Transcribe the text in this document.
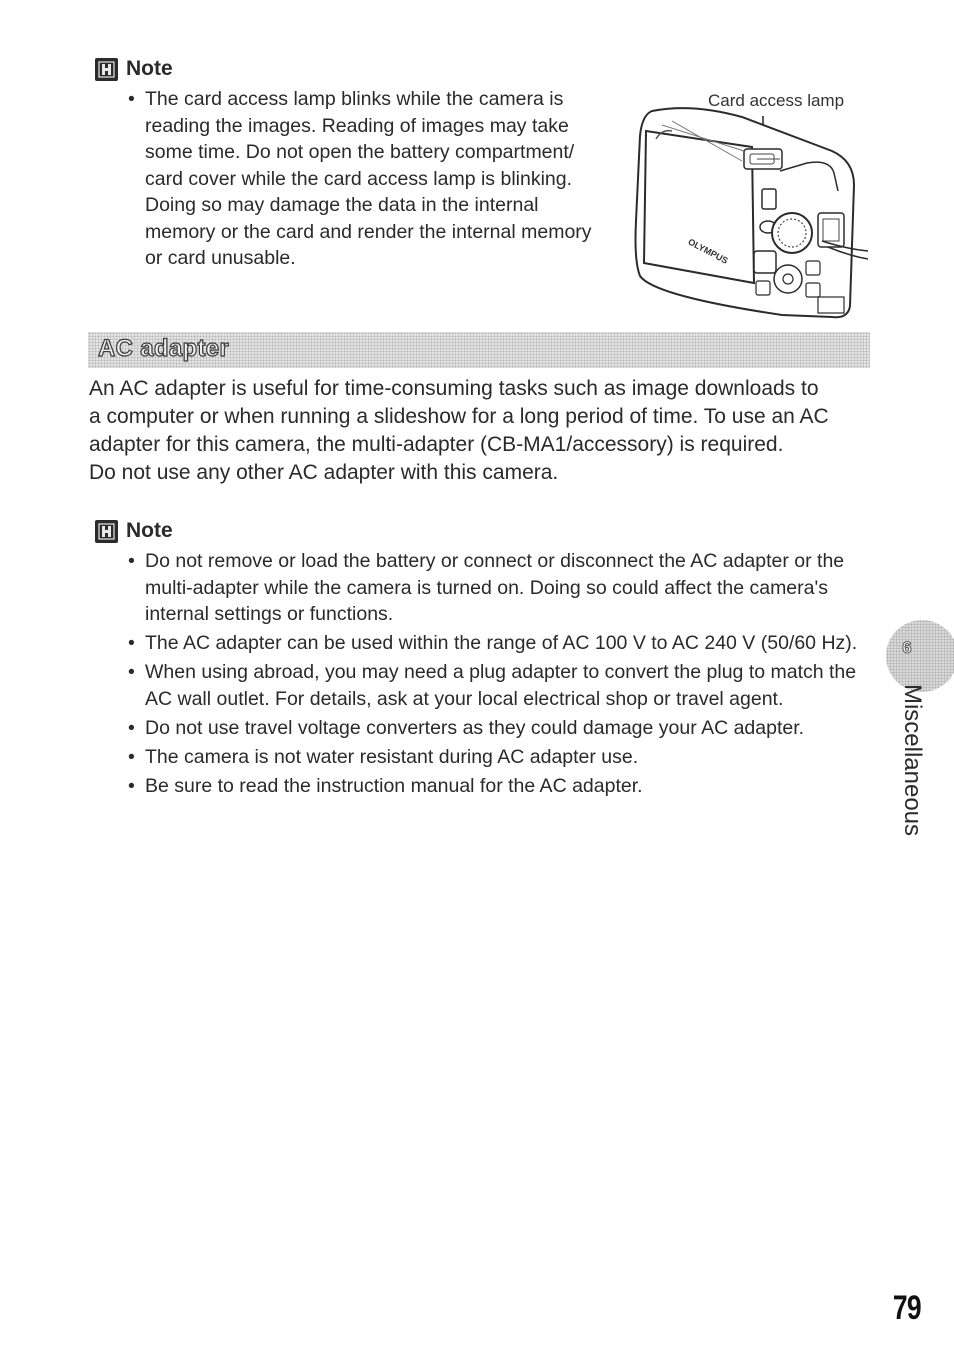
Note
• The card access lamp blinks while the camera is reading the images. Reading of images may take some time. Do not open the battery compartment/ card cover while the card access lamp is blinking. Doing so may damage the data in the internal memory or the card and render the internal memory or card unusable.
Card access lamp
OLYMPUS
AC adapter

An AC adapter is useful for time-consuming tasks such as image downloads to
a computer or when running a slideshow for a long period of time. To use an AC
adapter for this camera, the multi-adapter (CB-MA1/accessory) is required.
Do not use any other AC adapter with this camera.

Note
• Do not remove or load the battery or connect or disconnect the AC adapter or the multi-adapter while the camera is turned on. Doing so could affect the camera's internal settings or functions.
• The AC adapter can be used within the range of AC 100 V to AC 240 V (50/60 Hz).
• When using abroad, you may need a plug adapter to convert the plug to match the AC wall outlet. For details, ask at your local electrical shop or travel agent.
• Do not use travel voltage converters as they could damage your AC adapter.
• The camera is not water resistant during AC adapter use.
• Be sure to read the instruction manual for the AC adapter.
6
Miscellaneous
79
